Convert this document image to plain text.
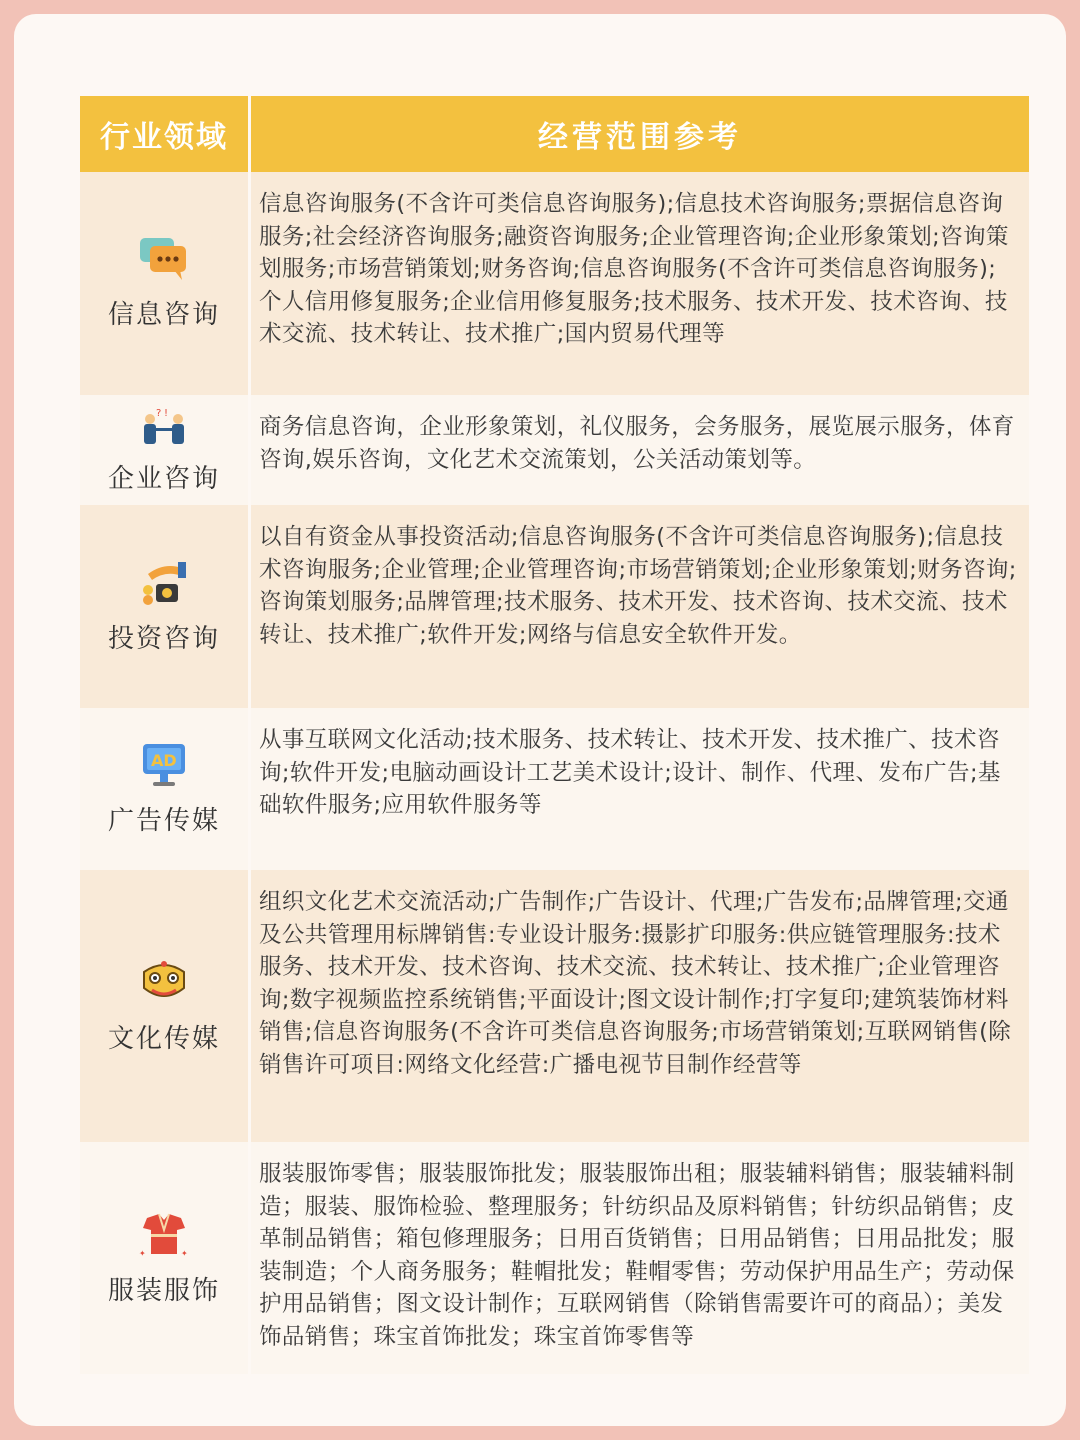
行业领域	经营范围参考
信息咨询
信息咨询服务(不含许可类信息咨询服务);信息技术咨询服务;票据信息咨询服务;社会经济咨询服务;融资咨询服务;企业管理咨询;企业形象策划;咨询策划服务;市场营销策划;财务咨询;信息咨询服务(不含许可类信息咨询服务);个人信用修复服务;企业信用修复服务;技术服务、技术开发、技术咨询、技术交流、技术转让、技术推广;国内贸易代理等
? !
企业咨询
商务信息咨询，企业形象策划，礼仪服务，会务服务，展览展示服务，体育咨询,娱乐咨询，文化艺术交流策划，公关活动策划等。
投资咨询
以自有资金从事投资活动;信息咨询服务(不含许可类信息咨询服务);信息技术咨询服务;企业管理;企业管理咨询;市场营销策划;企业形象策划;财务咨询;咨询策划服务;品牌管理;技术服务、技术开发、技术咨询、技术交流、技术转让、技术推广;软件开发;网络与信息安全软件开发。
AD
广告传媒
从事互联网文化活动;技术服务、技术转让、技术开发、技术推广、技术咨询;软件开发;电脑动画设计工艺美术设计;设计、制作、代理、发布广告;基础软件服务;应用软件服务等
文化传媒
组织文化艺术交流活动;广告制作;广告设计、代理;广告发布;品牌管理;交通及公共管理用标牌销售:专业设计服务:摄影扩印服务:供应链管理服务:技术服务、技术开发、技术咨询、技术交流、技术转让、技术推广;企业管理咨询;数字视频监控系统销售;平面设计;图文设计制作;打字复印;建筑装饰材料销售;信息咨询服务(不含许可类信息咨询服务;市场营销策划;互联网销售(除销售许可项目:网络文化经营:广播电视节目制作经营等
✦	✦
服装服饰
服装服饰零售；服装服饰批发；服装服饰出租；服装辅料销售；服装辅料制造；服装、服饰检验、整理服务；针纺织品及原料销售；针纺织品销售；皮革制品销售；箱包修理服务；日用百货销售；日用品销售；日用品批发；服装制造；个人商务服务；鞋帽批发；鞋帽零售；劳动保护用品生产；劳动保护用品销售；图文设计制作；互联网销售（除销售需要许可的商品）；美发饰品销售；珠宝首饰批发；珠宝首饰零售等
